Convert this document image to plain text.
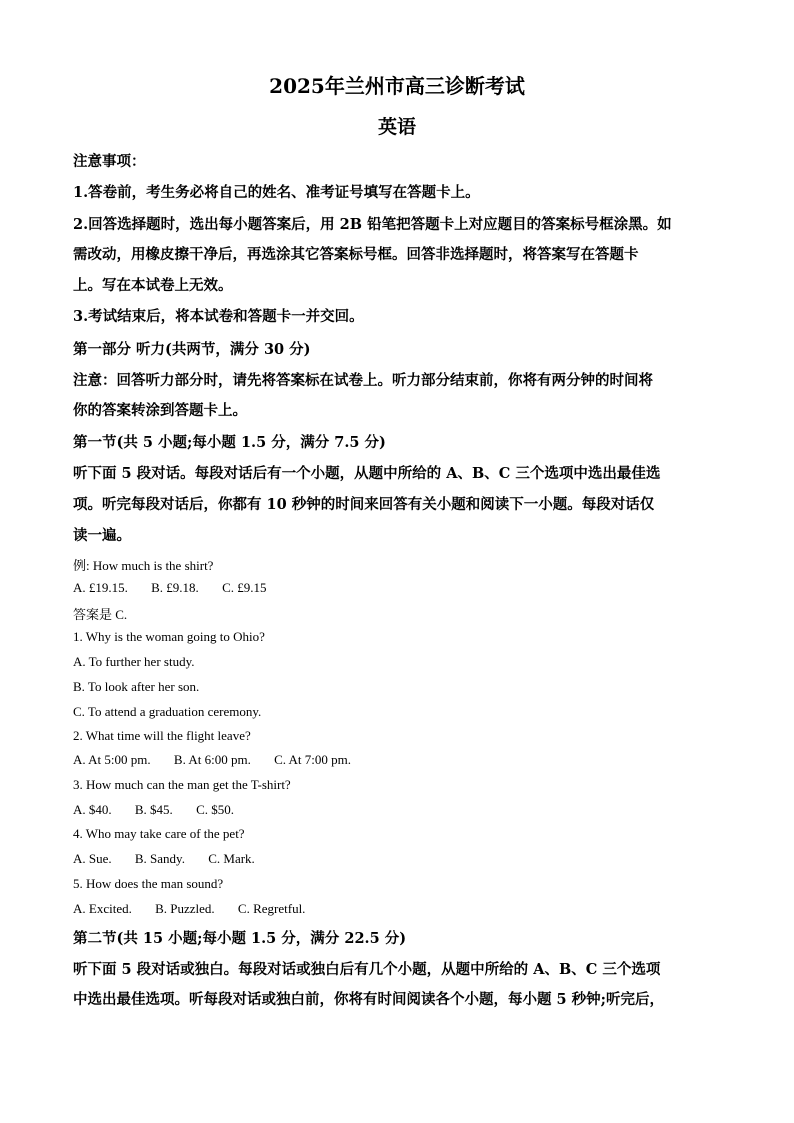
2025年兰州市高三诊断考试
英语
注意事项：
1.答卷前，考生务必将自己的姓名、准考证号填写在答题卡上。
2.回答选择题时，选出每小题答案后，用 2B 铅笔把答题卡上对应题目的答案标号框涂黑。如
需改动，用橡皮擦干净后，再选涂其它答案标号框。回答非选择题时，将答案写在答题卡
上。写在本试卷上无效。
3.考试结束后，将本试卷和答题卡一并交回。
第一部分 听力(共两节，满分 30 分)
注意：回答听力部分时，请先将答案标在试卷上。听力部分结束前，你将有两分钟的时间将
你的答案转涂到答题卡上。
第一节(共 5 小题;每小题 1.5 分，满分 7.5 分)
听下面 5 段对话。每段对话后有一个小题，从题中所给的 A、B、C 三个选项中选出最佳选
项。听完每段对话后，你都有 10 秒钟的时间来回答有关小题和阅读下一小题。每段对话仅
读一遍。
例: How much is the shirt?
A. £19.15. B. £9.18. C. £9.15
答案是 C.
1. Why is the woman going to Ohio?
A. To further her study.
B. To look after her son.
C. To attend a graduation ceremony.
2. What time will the flight leave?
A. At 5:00 pm. B. At 6:00 pm. C. At 7:00 pm.
3. How much can the man get the T-shirt?
A. $40. B. $45. C. $50.
4. Who may take care of the pet?
A. Sue. B. Sandy. C. Mark.
5. How does the man sound?
A. Excited. B. Puzzled. C. Regretful.
第二节(共 15 小题;每小题 1.5 分，满分 22.5 分)
听下面 5 段对话或独白。每段对话或独白后有几个小题，从题中所给的 A、B、C 三个选项
中选出最佳选项。听每段对话或独白前，你将有时间阅读各个小题，每小题 5 秒钟;听完后，
